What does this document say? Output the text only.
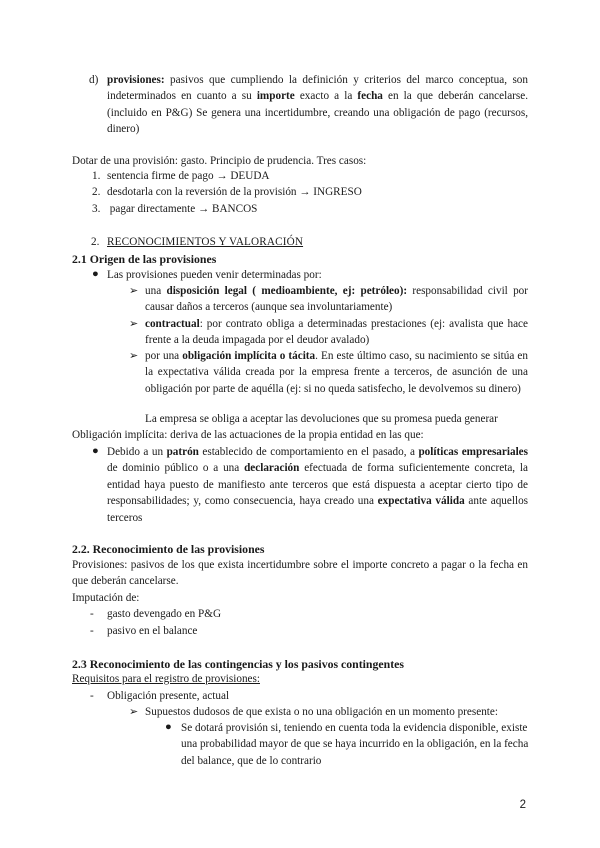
d) provisiones: pasivos que cumpliendo la definición y criterios del marco conceptua, son indeterminados en cuanto a su importe exacto a la fecha en la que deberán cancelarse. (incluido en P&G) Se genera una incertidumbre, creando una obligación de pago (recursos, dinero)

Dotar de una provisión: gasto. Principio de prudencia. Tres casos:

1. sentencia firme de pago → DEUDA
2. desdotarla con la reversión de la provisión → INGRESO
3. pagar directamente → BANCOS
2. RECONOCIMIENTOS Y VALORACIÓN
2.1 Origen de las provisiones
● Las provisiones pueden venir determinadas por:
➢ una disposición legal ( medioambiente, ej: petróleo): responsabilidad civil por causar daños a terceros (aunque sea involuntariamente)

➢ contractual: por contrato obliga a determinadas prestaciones (ej: avalista que hace frente a la deuda impagada por el deudor avalado)

➢ por una obligación implícita o tácita. En este último caso, su nacimiento se sitúa en la expectativa válida creada por la empresa frente a terceros, de asunción de una obligación por parte de aquélla (ej: si no queda satisfecho, le devolvemos su dinero)

La empresa se obliga a aceptar las devoluciones que su promesa pueda generar
Obligación implícita: deriva de las actuaciones de la propia entidad en las que:
● Debido a un patrón establecido de comportamiento en el pasado, a políticas empresariales de dominio público o a una declaración efectuada de forma suficientemente concreta, la entidad haya puesto de manifiesto ante terceros que está dispuesta a aceptar cierto tipo de responsabilidades; y, como consecuencia, haya creado una expectativa válida ante aquellos terceros

2.2. Reconocimiento de las provisiones

Provisiones: pasivos de los que exista incertidumbre sobre el importe concreto a pagar o la fecha en que deberán cancelarse.

Imputación de:
- gasto devengado en P&G
- pasivo en el balance
2.3 Reconocimiento de las contingencias y los pasivos contingentes
Requisitos para el registro de provisiones:
- Obligación presente, actual
➢ Supuestos dudosos de que exista o no una obligación en un momento presente:
● Se dotará provisión si, teniendo en cuenta toda la evidencia disponible, existe una probabilidad mayor de que se haya incurrido en la obligación, en la fecha del balance, que de lo contrario

2
